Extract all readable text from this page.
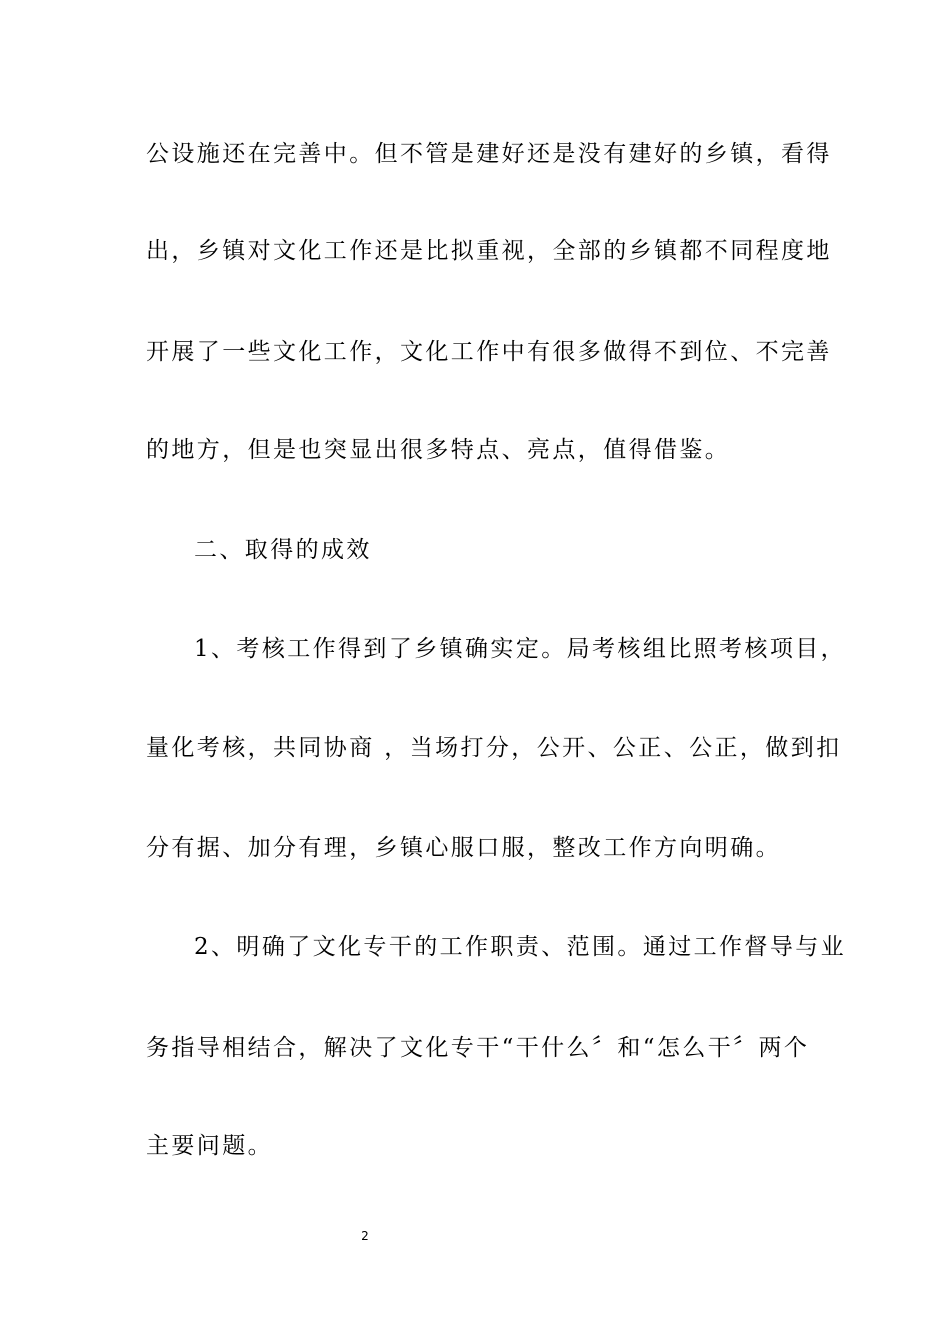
公设施还在完善中。但不管是建好还是没有建好的乡镇，看得
出，乡镇对文化工作还是比拟重视，全部的乡镇都不同程度地
开展了一些文化工作，文化工作中有很多做得不到位、不完善
的地方，但是也突显出很多特点、亮点，值得借鉴。
二、取得的成效
1、考核工作得到了乡镇确实定。局考核组比照考核项目，
量化考核，共同协商 ，当场打分，公开、公正、公正，做到扣
分有据、加分有理，乡镇心服口服，整改工作方向明确。
2、明确了文化专干的工作职责、范围。通过工作督导与业
务指导相结合，解决了文化专干“干什么〞和“怎么干〞两个
主要问题。
2
